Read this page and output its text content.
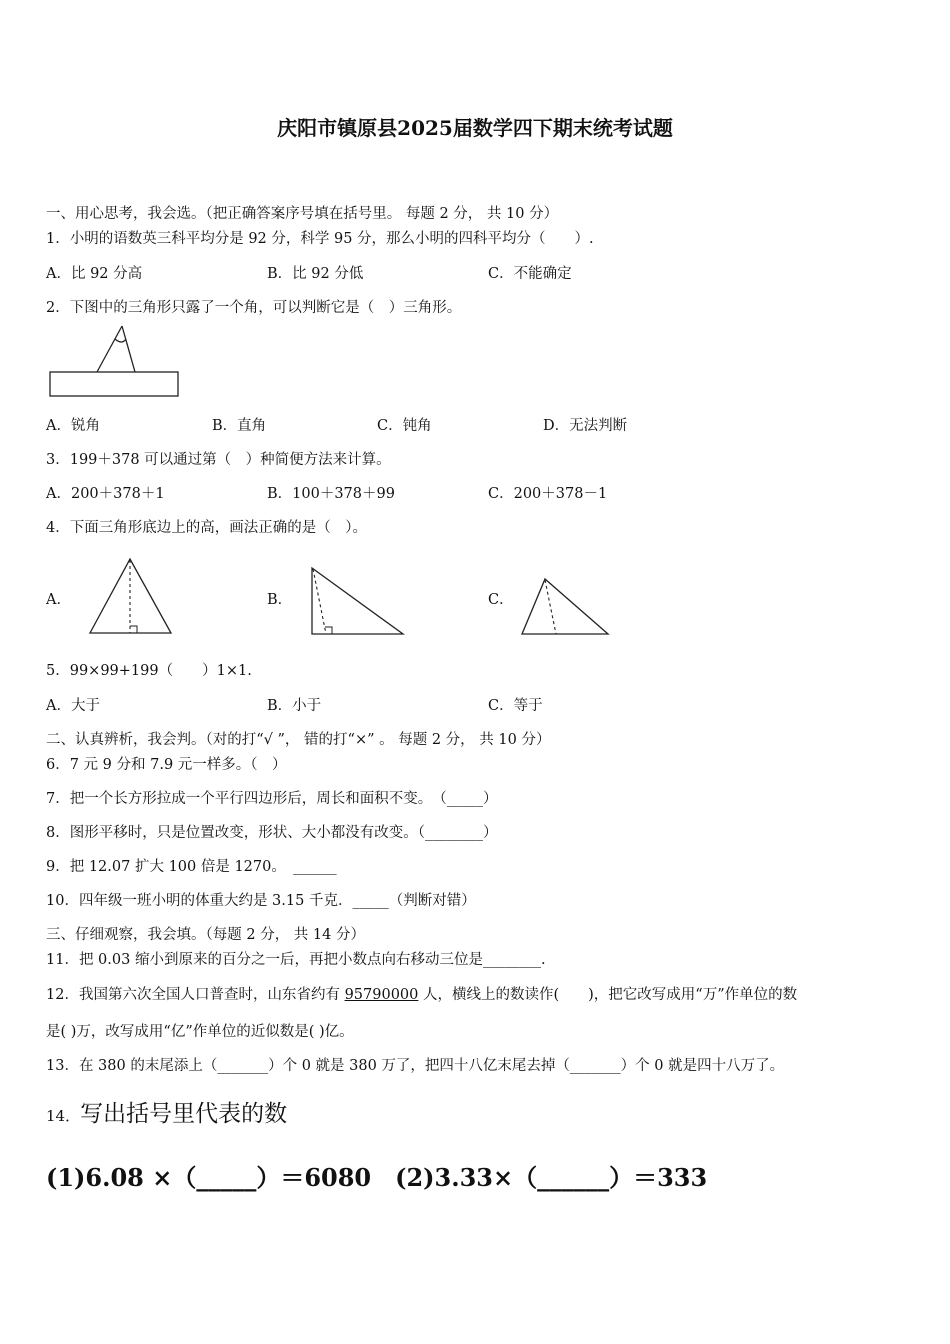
庆阳市镇原县2025届数学四下期末统考试题
一、用心思考，我会选。（把正确答案序号填在括号里。 每题 2 分， 共 10 分）
1．小明的语数英三科平均分是 92 分，科学 95 分，那么小明的四科平均分（　　）.
A．比 92 分高	B．比 92 分低	C．不能确定
2．下图中的三角形只露了一个角，可以判断它是（　）三角形。
A．锐角	B．直角	C．钝角	D．无法判断
3．199＋378 可以通过第（　）种简便方法来计算。
A．200＋378＋1	B．100＋378＋99	C．200＋378－1
4．下面三角形底边上的高，画法正确的是（　）。
A．	B．	C．
5．99×99+199（　　）1×1.
A．大于	B．小于	C．等于
二、认真辨析，我会判。（对的打“√ ”， 错的打“×” 。 每题 2 分， 共 10 分）
6．7 元 9 分和 7.9 元一样多。（　）
7．把一个长方形拉成一个平行四边形后，周长和面积不变。　（_____）
8．图形平移时，只是位置改变，形状、大小都没有改变。（________）
9．把 12.07 扩大 100 倍是 1270。　______
10．四年级一班小明的体重大约是 3.15 千克．_____（判断对错）
三、仔细观察，我会填。（每题 2 分， 共 14 分）
11．把 0.03 缩小到原来的百分之一后，再把小数点向右移动三位是________.
12．我国第六次全国人口普查时，山东省约有 95790000 人，横线上的数读作(　　)，把它改写成用“万”作单位的数
是( )万，改写成用“亿”作单位的近似数是( )亿。
13．在 380 的末尾添上（_______）个 0 就是 380 万了，把四十八亿末尾去掉（_______）个 0 就是四十八万了。
14．写出括号里代表的数
(1)6.08 ×（_____）＝6080　(2)3.33×（______）＝333
